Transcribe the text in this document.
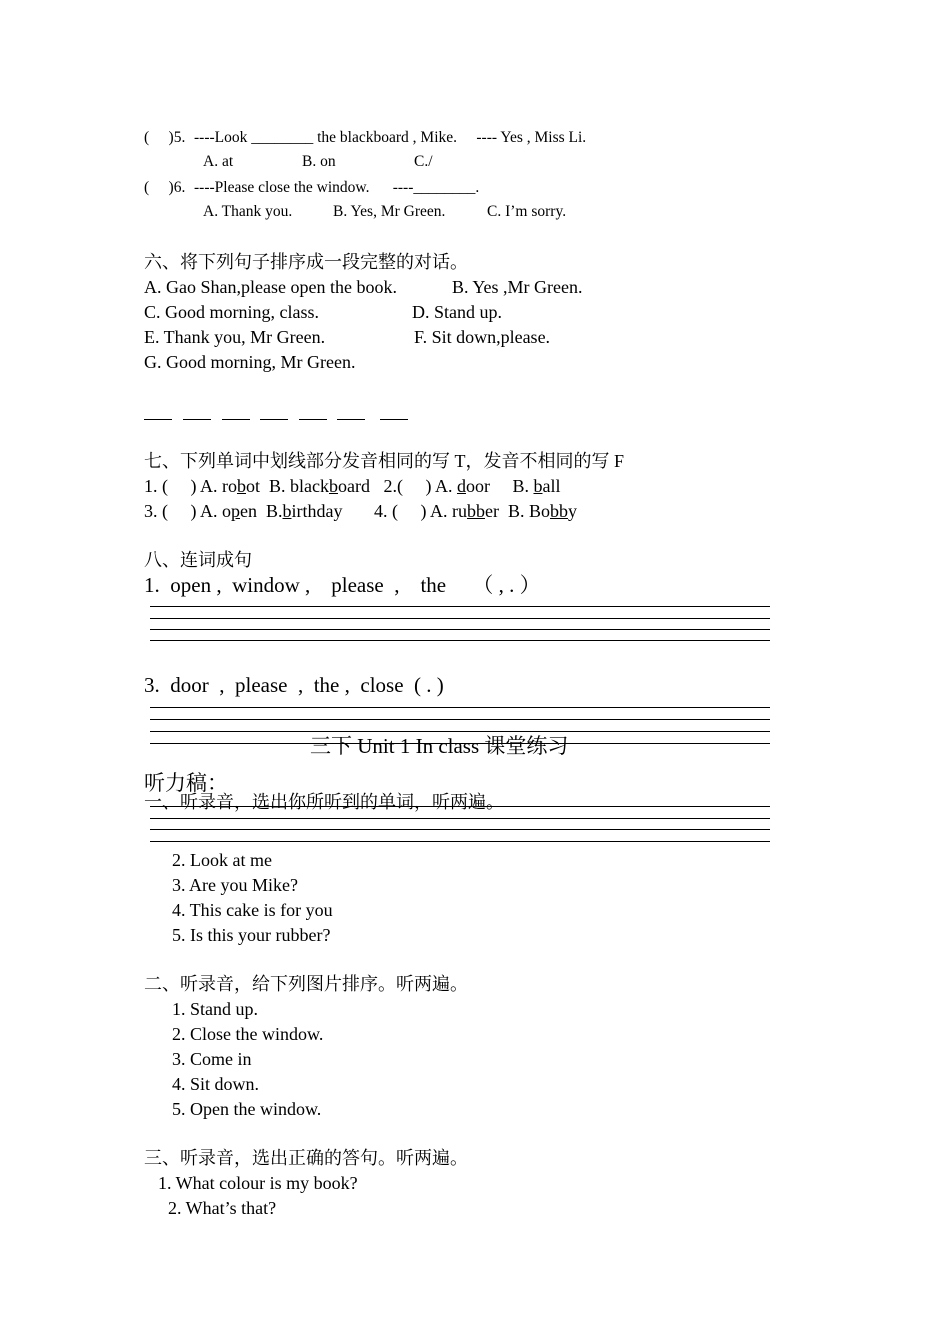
(     )5. ----Look ________ the blackboard , Mike.     ---- Yes , Miss Li.
A. at	B. on	C./
(     )6. ----Please close the window.      ----________.
A. Thank you.	B. Yes, Mr Green.	C. I’m sorry.
六、将下列句子排序成一段完整的对话。
A. Gao Shan,please open the book.	B. Yes ,Mr Green.
C. Good morning, class.	D. Stand up.
E. Thank you, Mr Green.	F. Sit down,please.
G. Good morning, Mr Green.
七、下列单词中划线部分发音相同的写 T，发音不相同的写 F
1. (     ) A. robot  B. blackboard   2.(     ) A. door     B. ball
3. (     ) A. open  B.birthday       4. (     ) A. rubber  B. Bobby
八、连词成句
1.  open ,  window ,    please  ,    the     （ , . ）
3.  door  ,  please  ,  the ,  close  ( . )
三下 Unit 1 In class 课堂练习
听力稿：
一、听录音，选出你所听到的单词，听两遍。
2. Look at me
3. Are you Mike?
4. This cake is for you
5. Is this your rubber?
二、听录音，给下列图片排序。听两遍。
1. Stand up.
2. Close the window.
3. Come in
4. Sit down.
5. Open the window.
三、听录音，选出正确的答句。听两遍。
1. What colour is my book?
2. What’s that?
